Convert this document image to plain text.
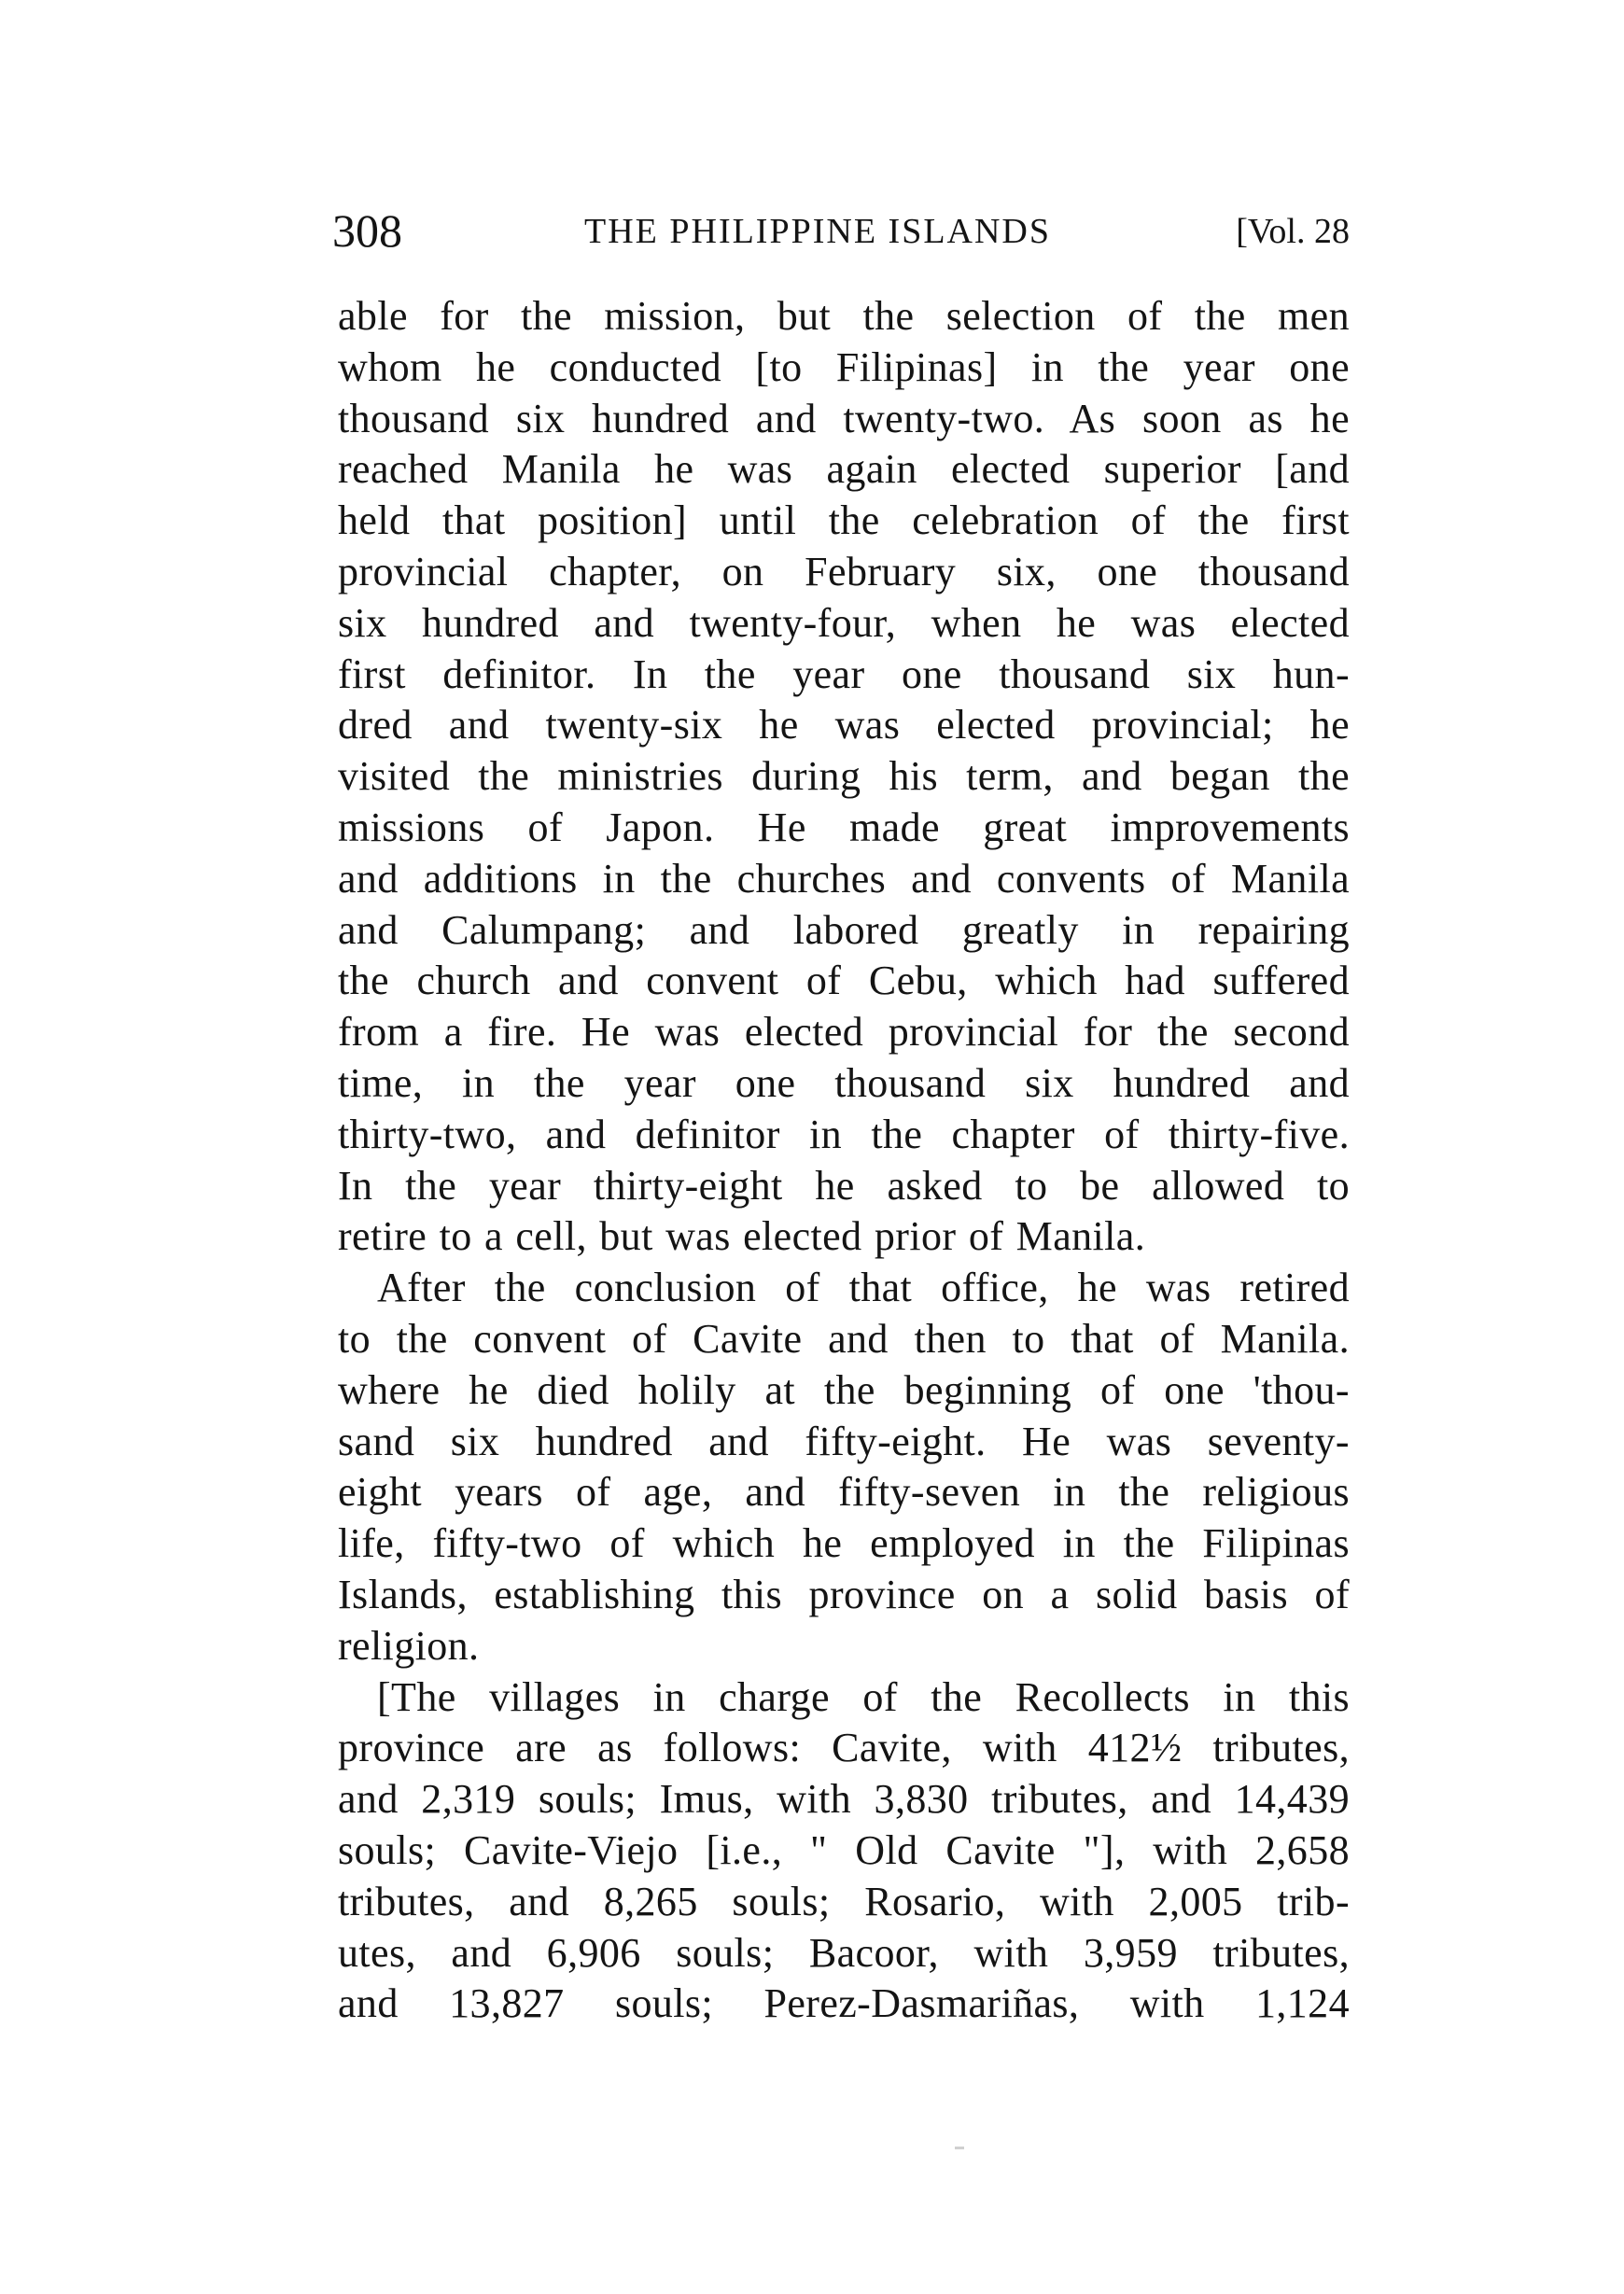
308	THE PHILIPPINE ISLANDS	[Vol. 28
able for the mission, but the selection of the men
whom he conducted [to Filipinas] in the year one
thousand six hundred and twenty-two. As soon as he
reached Manila he was again elected superior [and
held that position] until the celebration of the first
provincial chapter, on February six, one thousand
six hundred and twenty-four, when he was elected
first definitor. In the year one thousand six hun-
dred and twenty-six he was elected provincial; he
visited the ministries during his term, and began the
missions of Japon. He made great improvements
and additions in the churches and convents of Manila
and Calumpang; and labored greatly in repairing
the church and convent of Cebu, which had suffered
from a fire. He was elected provincial for the second
time, in the year one thousand six hundred and
thirty-two, and definitor in the chapter of thirty-five.
In the year thirty-eight he asked to be allowed to
retire to a cell, but was elected prior of Manila.
After the conclusion of that office, he was retired
to the convent of Cavite and then to that of Manila.
where he died holily at the beginning of one 'thou-
sand six hundred and fifty-eight. He was seventy-
eight years of age, and fifty-seven in the religious
life, fifty-two of which he employed in the Filipinas
Islands, establishing this province on a solid basis of
religion.
[The villages in charge of the Recollects in this
province are as follows: Cavite, with 412½ tributes,
and 2,319 souls; Imus, with 3,830 tributes, and 14,439
souls; Cavite-Viejo [i.e., " Old Cavite "], with 2,658
tributes, and 8,265 souls; Rosario, with 2,005 trib-
utes, and 6,906 souls; Bacoor, with 3,959 tributes,
and 13,827 souls; Perez-Dasmariñas, with 1,124
